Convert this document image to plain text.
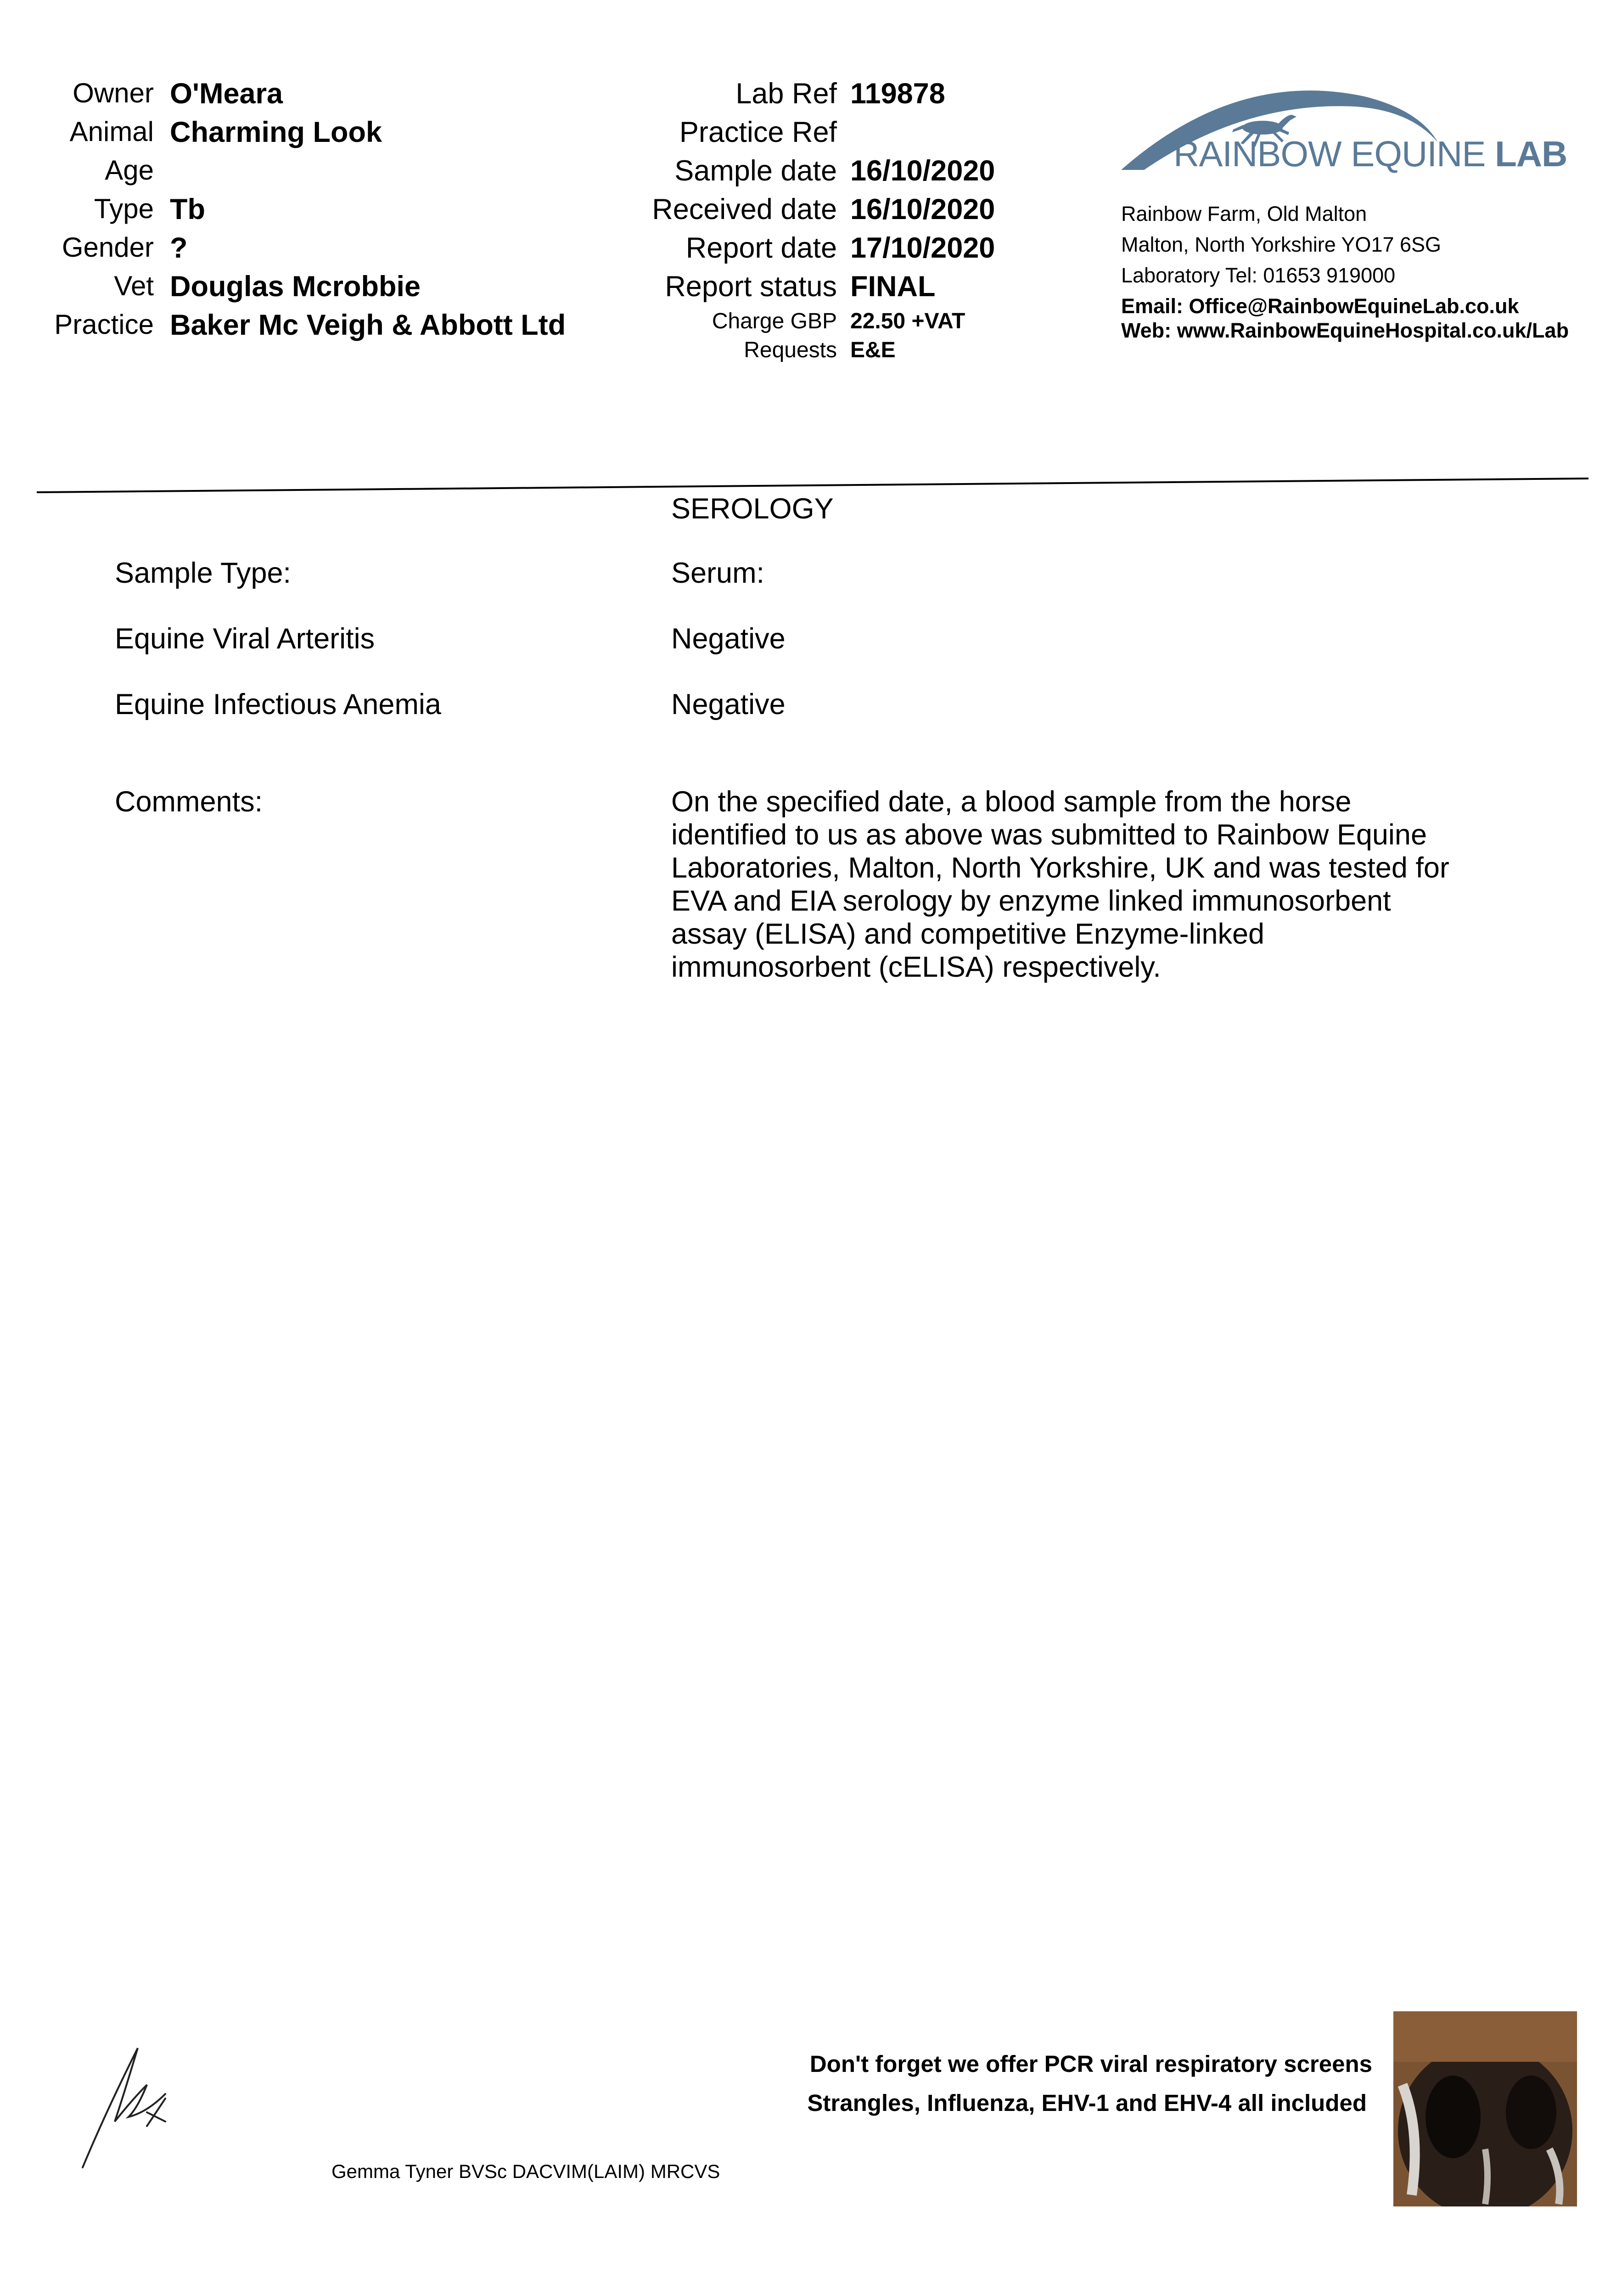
Owner O'Meara
Animal Charming Look
Age
Type Tb
Gender ?
Vet Douglas Mcrobbie
Practice Baker Mc Veigh & Abbott Ltd
Lab Ref 119878
Practice Ref
Sample date 16/10/2020
Received date 16/10/2020
Report date 17/10/2020
Report status FINAL
Charge GBP 22.50 +VAT
Requests E&E
RAINBOW EQUINE LAB
Rainbow Farm, Old Malton
Malton, North Yorkshire YO17 6SG
Laboratory Tel: 01653 919000
Email: Office@RainbowEquineLab.co.uk
Web: www.RainbowEquineHospital.co.uk/Lab
SEROLOGY
Sample Type:	Serum:
Equine Viral Arteritis	Negative
Equine Infectious Anemia	Negative
Comments:	On the specified date, a blood sample from the horse identified to us as above was submitted to Rainbow Equine Laboratories, Malton, North Yorkshire, UK and was tested for EVA and EIA serology by enzyme linked immunosorbent assay (ELISA) and competitive Enzyme-linked immunosorbent (cELISA) respectively.
Gemma Tyner BVSc DACVIM(LAIM) MRCVS
Don't forget we offer PCR viral respiratory screens
Strangles, Influenza, EHV-1 and EHV-4 all included
